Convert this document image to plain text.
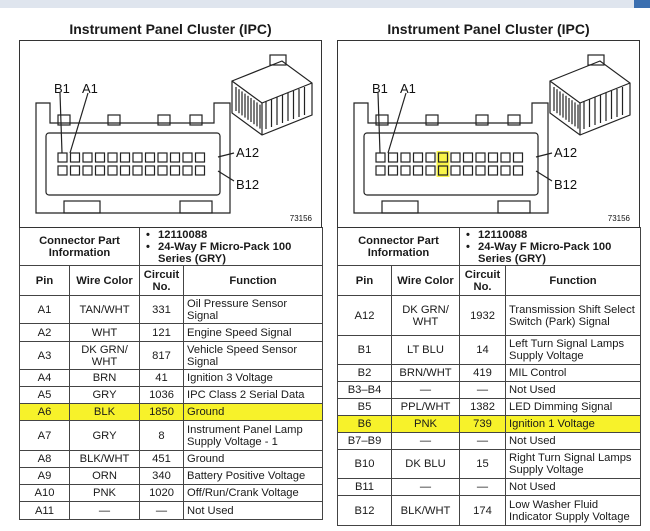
Instrument Panel Cluster (IPC)
B1 A1
A12
B12
73156
Connector Part Information		• 12110088
• 24-Way F Micro-Pack 100 Series (GRY)

Pin	Wire Color	Circuit No.	Function
A1	TAN/WHT	331	Oil Pressure Sensor Signal
A2	WHT	121	Engine Speed Signal
A3	DK GRN/ WHT	817	Vehicle Speed Sensor Signal
A4	BRN	41	Ignition 3 Voltage
A5	GRY	1036	IPC Class 2 Serial Data
A6	BLK	1850	Ground
A7	GRY	8	Instrument Panel Lamp Supply Voltage - 1
A8	BLK/WHT	451	Ground
A9	ORN	340	Battery Positive Voltage
A10	PNK	1020	Off/Run/Crank Voltage
A11	—	—	Not Used
Instrument Panel Cluster (IPC)
B1 A1
A12
B12
73156
Connector Part Information		• 12110088
• 24-Way F Micro-Pack 100 Series (GRY)

Pin	Wire Color	Circuit No.	Function
A12	DK GRN/ WHT	1932	Transmission Shift Select Switch (Park) Signal
B1	LT BLU	14	Left Turn Signal Lamps Supply Voltage
B2	BRN/WHT	419	MIL Control
B3–B4	—	—	Not Used
B5	PPL/WHT	1382	LED Dimming Signal
B6	PNK	739	Ignition 1 Voltage
B7–B9	—	—	Not Used
B10	DK BLU	15	Right Turn Signal Lamps Supply Voltage
B11	—	—	Not Used
B12	BLK/WHT	174	Low Washer Fluid Indicator Supply Voltage
